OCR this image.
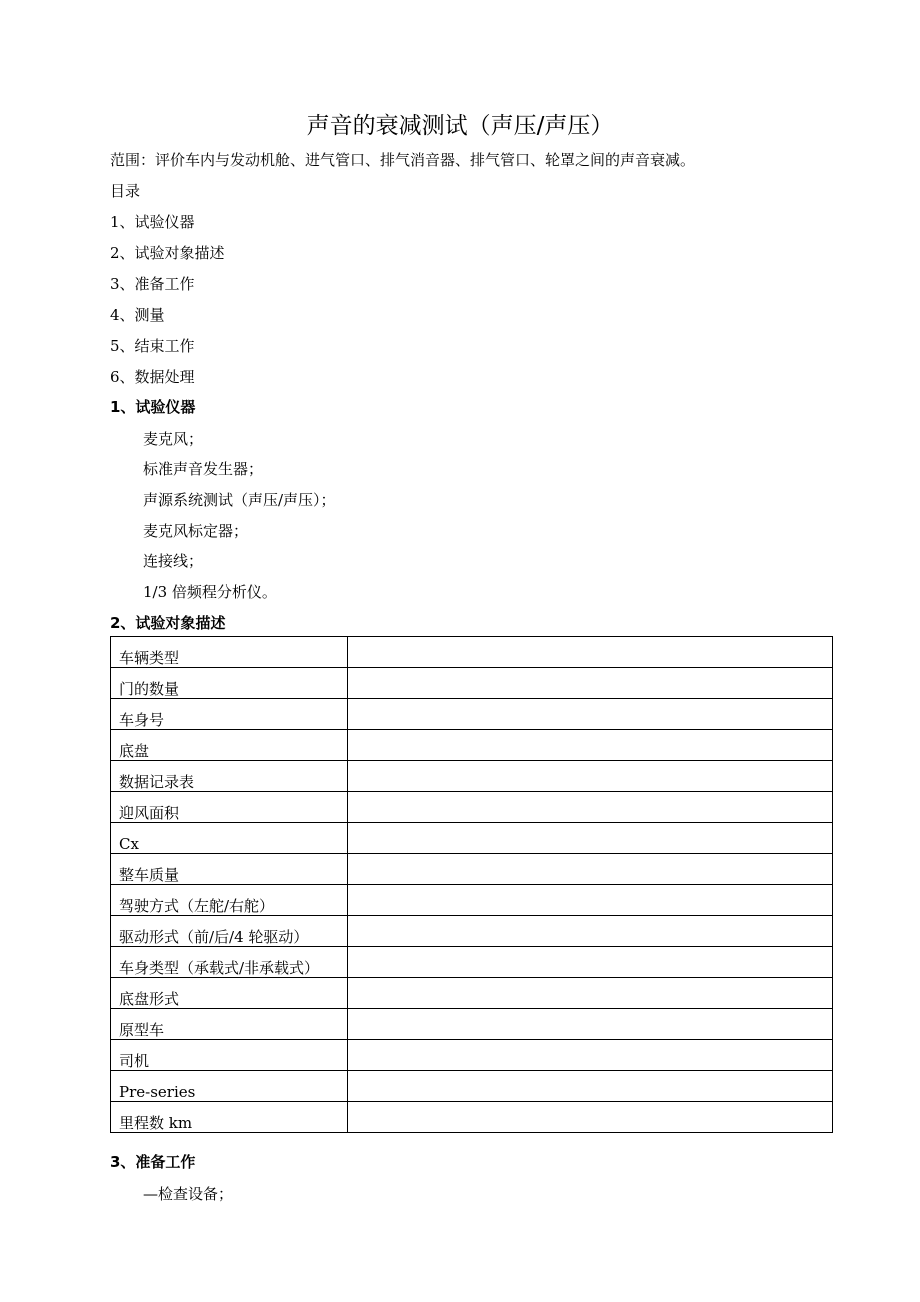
声音的衰减测试（声压/声压）
范围：评价车内与发动机舱、进气管口、排气消音器、排气管口、轮罩之间的声音衰减。
目录
1、试验仪器
2、试验对象描述
3、准备工作
4、测量
5、结束工作
6、数据处理
1、试验仪器
麦克风；
标准声音发生器；
声源系统测试（声压/声压）；
麦克风标定器；
连接线；
1/3 倍频程分析仪。
2、试验对象描述
车辆类型	
门的数量	
车身号	
底盘	
数据记录表	
迎风面积	
Cx	
整车质量	
驾驶方式（左舵/右舵）	
驱动形式（前/后/4 轮驱动）	
车身类型（承载式/非承载式）	
底盘形式	
原型车	
司机	
Pre-series	
里程数 km	
3、准备工作
—检查设备；
